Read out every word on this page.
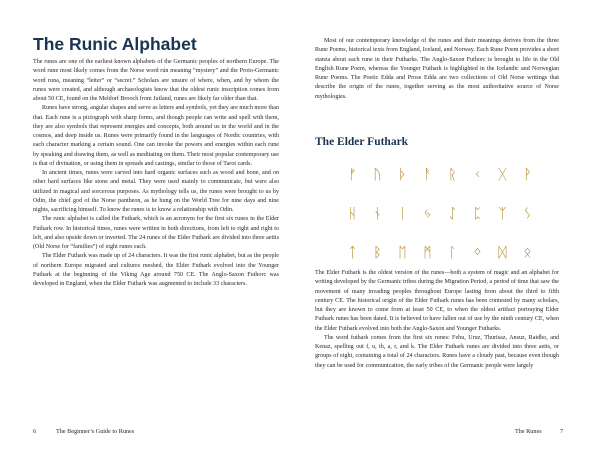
The Runic Alphabet

The runes are one of the earliest known alphabets of the Germanic peoples of northern Europe. The word rune most likely comes from the Norse word rún meaning “mystery” and the Proto-Germanic word runa, meaning “letter” or “secret.” Scholars are unsure of where, when, and by whom the runes were created, and although archaeologists know that the oldest runic inscription comes from about 50 CE, found on the Meldorf Brooch from Jutland, runes are likely far older than that.

Runes have strong, angular shapes and serve as letters and symbols, yet they are much more than that. Each rune is a pictograph with sharp forms, and though people can write and spell with them, they are also symbols that represent energies and concepts, both around us in the world and in the cosmos, and deep inside us. Runes were primarily found in the languages of Nordic countries, with each character marking a certain sound. One can invoke the powers and energies within each rune by speaking and drawing them, as well as meditating on them. Their most popular contemporary use is that of divination, or using them in spreads and castings, similar to those of Tarot cards.

In ancient times, runes were carved into hard organic surfaces such as wood and bone, and on other hard surfaces like stone and metal. They were used mainly to communicate, but were also utilized in magical and sorcerous purposes. As mythology tells us, the runes were brought to us by Odin, the chief god of the Norse pantheon, as he hung on the World Tree for nine days and nine nights, sacrificing himself. To know the runes is to know a relationship with Odin.

The runic alphabet is called the Futhark, which is an acronym for the first six runes in the Elder Futhark row. In historical times, runes were written in both directions, from left to right and right to left, and also upside down or inverted. The 24 runes of the Elder Futhark are divided into three aettis (Old Norse for “families”) of eight runes each.

The Elder Futhark was made up of 24 characters. It was the first runic alphabet, but as the people of northern Europe migrated and cultures meshed, the Elder Futhark evolved into the Younger Futhark at the beginning of the Viking Age around 750 CE. The Anglo-Saxon Futhorc was developed in England, when the Elder Futhark was augmented to include 33 characters.

6	The Beginner’s Guide to Runes

Most of our contemporary knowledge of the runes and their meanings derives from the three Rune Poems, historical texts from England, Iceland, and Norway. Each Rune Poem provides a short stanza about each rune in their Futharks. The Anglo-Saxon Futhorc is brought to life in the Old English Rune Poem, whereas the Younger Futhark is highlighted in the Icelandic and Norwegian Rune Poems. The Poetic Edda and Prose Edda are two collections of Old Norse writings that describe the origin of the runes, together serving as the most authoritative source of Norse mythologies.

The Elder Futhark
ᚠ	ᚢ	ᚦ	ᚨ	ᚱ	ᚲ	ᚷ	ᚹ
ᚺ	ᚾ	ᛁ	ᛃ	ᛇ	ᛈ	ᛉ	ᛊ
ᛏ	ᛒ	ᛖ	ᛗ	ᛚ	ᛜ	ᛞ	ᛟ

The Elder Futhark is the oldest version of the runes—both a system of magic and an alphabet for writing developed by the Germanic tribes during the Migration Period, a period of time that saw the movement of many invading peoples throughout Europe lasting from about the third to fifth century CE. The historical origin of the Elder Futhark runes has been contested by many scholars, but they are known to come from at least 50 CE, to when the oldest artifact portraying Elder Futhark runes has been dated. It is believed to have fallen out of use by the ninth century CE, when the Elder Futhark evolved into both the Anglo-Saxon and Younger Futharks.

The word futhark comes from the first six runes: Fehu, Uruz, Thurisaz, Ansuz, Raidho, and Kenaz, spelling out f, u, th, a, r, and k. The Elder Futhark runes are divided into three aetts, or groups of eight, containing a total of 24 characters. Runes have a cloudy past, because even though they can be used for communication, the early tribes of the Germanic people were largely

The Runes	7
